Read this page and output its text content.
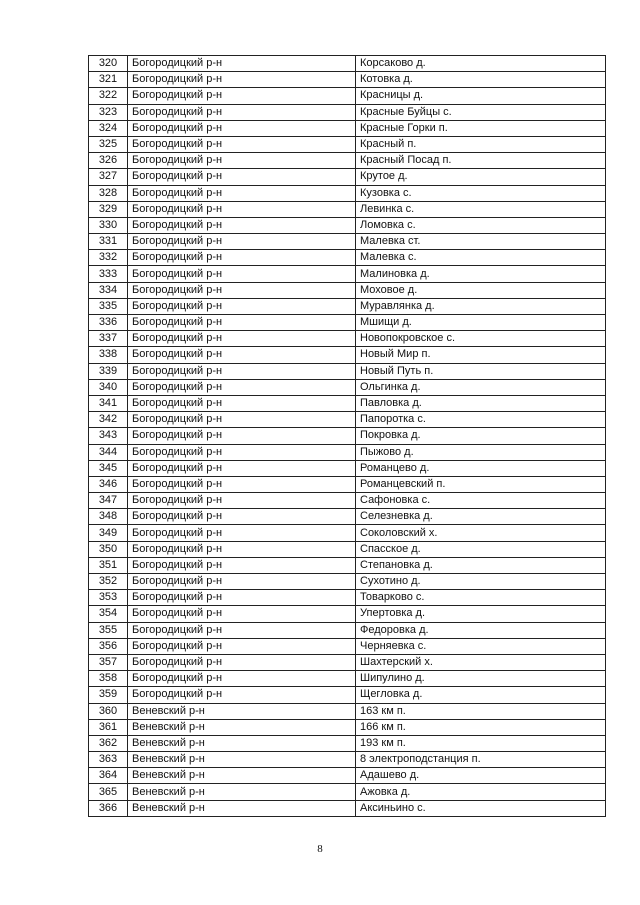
320	Богородицкий р-н	Корсаково д.
321	Богородицкий р-н	Котовка д.
322	Богородицкий р-н	Красницы д.
323	Богородицкий р-н	Красные Буйцы с.
324	Богородицкий р-н	Красные Горки п.
325	Богородицкий р-н	Красный п.
326	Богородицкий р-н	Красный Посад п.
327	Богородицкий р-н	Крутое д.
328	Богородицкий р-н	Кузовка с.
329	Богородицкий р-н	Левинка с.
330	Богородицкий р-н	Ломовка с.
331	Богородицкий р-н	Малевка ст.
332	Богородицкий р-н	Малевка с.
333	Богородицкий р-н	Малиновка д.
334	Богородицкий р-н	Моховое д.
335	Богородицкий р-н	Муравлянка д.
336	Богородицкий р-н	Мшищи д.
337	Богородицкий р-н	Новопокровское с.
338	Богородицкий р-н	Новый Мир п.
339	Богородицкий р-н	Новый Путь п.
340	Богородицкий р-н	Ольгинка д.
341	Богородицкий р-н	Павловка д.
342	Богородицкий р-н	Папоротка с.
343	Богородицкий р-н	Покровка д.
344	Богородицкий р-н	Пыжово д.
345	Богородицкий р-н	Романцево д.
346	Богородицкий р-н	Романцевский п.
347	Богородицкий р-н	Сафоновка с.
348	Богородицкий р-н	Селезневка д.
349	Богородицкий р-н	Соколовский х.
350	Богородицкий р-н	Спасское д.
351	Богородицкий р-н	Степановка д.
352	Богородицкий р-н	Сухотино д.
353	Богородицкий р-н	Товарково с.
354	Богородицкий р-н	Упертовка д.
355	Богородицкий р-н	Федоровка д.
356	Богородицкий р-н	Черняевка с.
357	Богородицкий р-н	Шахтерский х.
358	Богородицкий р-н	Шипулино д.
359	Богородицкий р-н	Щегловка д.
360	Веневский р-н	163 км п.
361	Веневский р-н	166 км п.
362	Веневский р-н	193 км п.
363	Веневский р-н	8 электроподстанция п.
364	Веневский р-н	Адашево д.
365	Веневский р-н	Ажовка д.
366	Веневский р-н	Аксиньино с.
8
